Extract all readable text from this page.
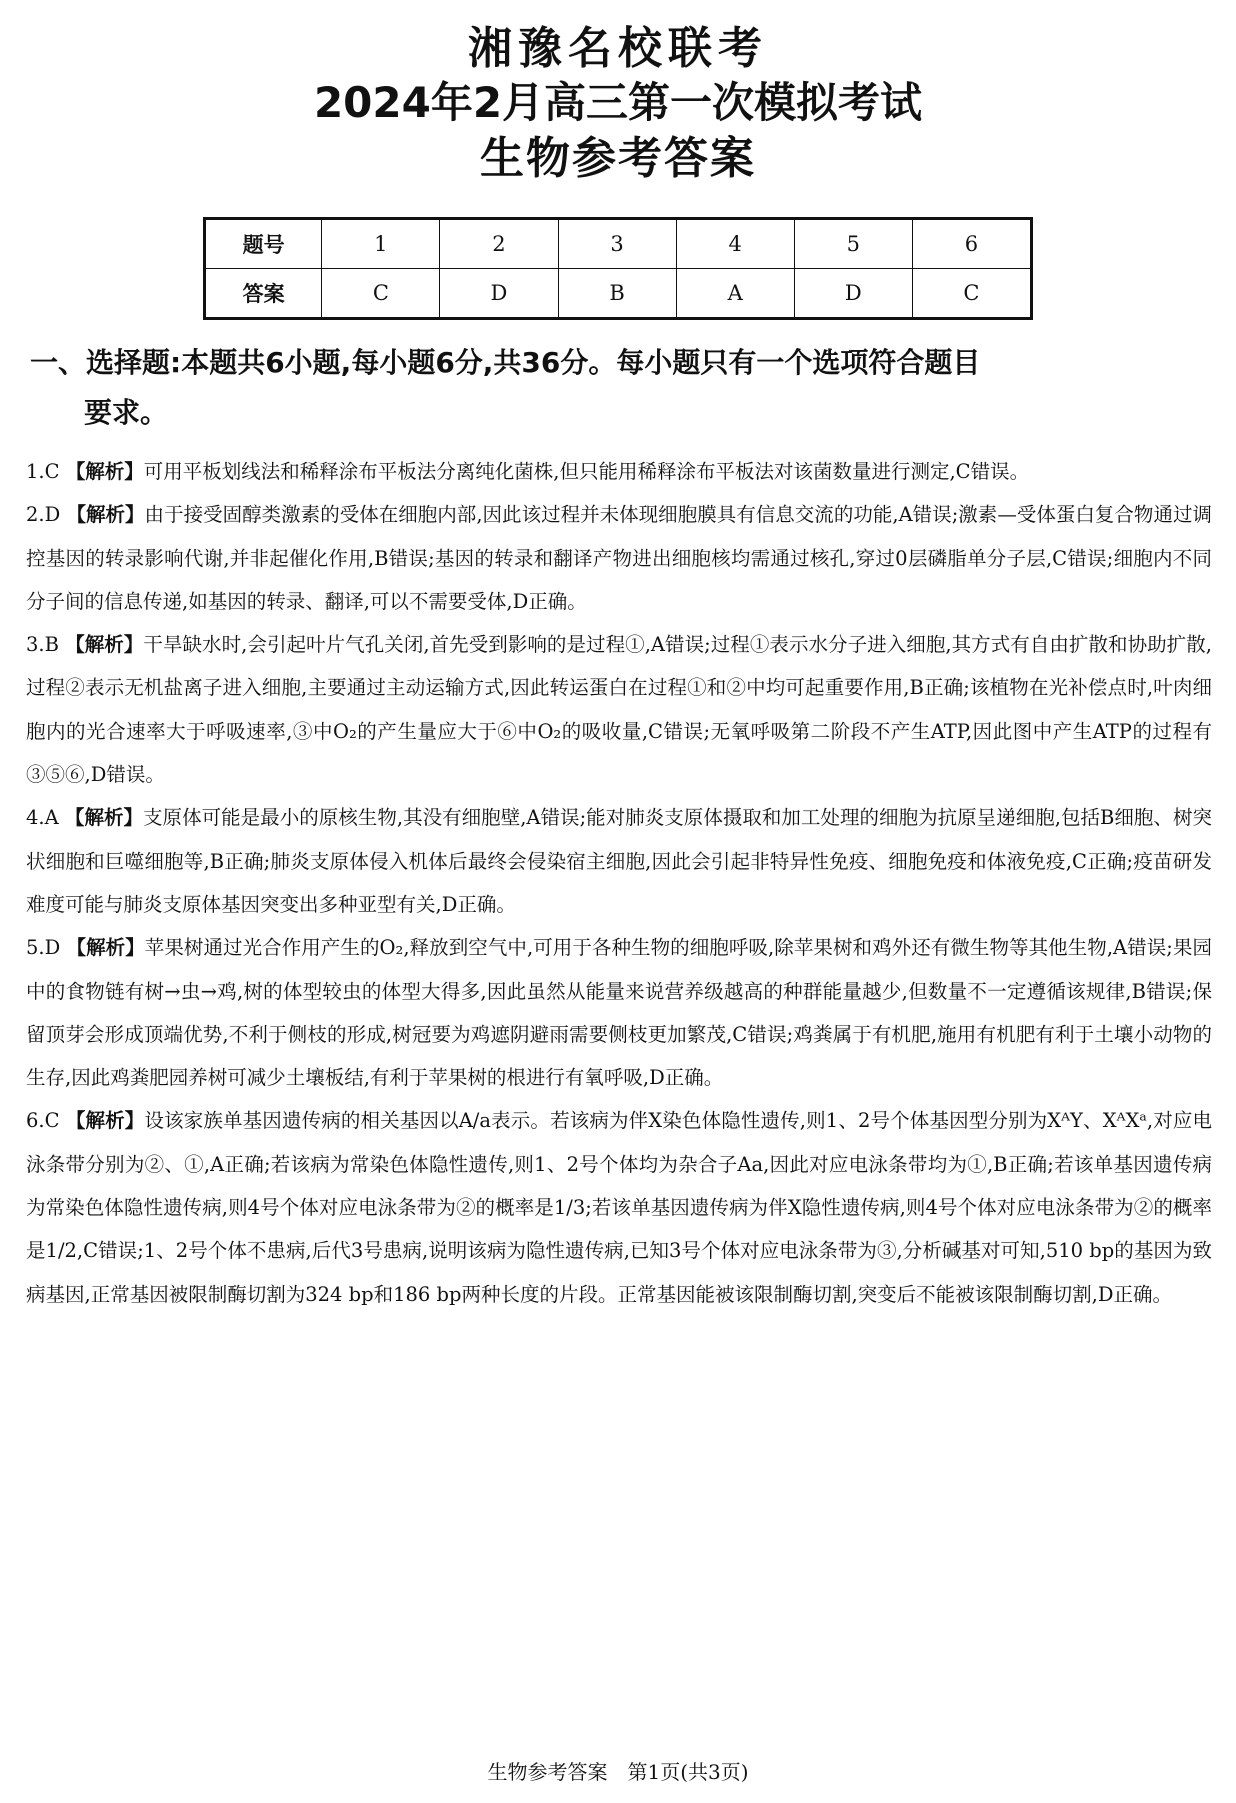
湘豫名校联考
2024年2月高三第一次模拟考试
生物参考答案
题号	1	2	3	4	5	6
答案	C	D	B	A	D	C
一、选择题:本题共6小题,每小题6分,共36分。每小题只有一个选项符合题目
要求。
1.C 【解析】可用平板划线法和稀释涂布平板法分离纯化菌株,但只能用稀释涂布平板法对该菌数量进行测定,C错误。
2.D 【解析】由于接受固醇类激素的受体在细胞内部,因此该过程并未体现细胞膜具有信息交流的功能,A错误;激素—受体蛋白复合物通过调控基因的转录影响代谢,并非起催化作用,B错误;基因的转录和翻译产物进出细胞核均需通过核孔,穿过0层磷脂单分子层,C错误;细胞内不同分子间的信息传递,如基因的转录、翻译,可以不需要受体,D正确。
3.B 【解析】干旱缺水时,会引起叶片气孔关闭,首先受到影响的是过程①,A错误;过程①表示水分子进入细胞,其方式有自由扩散和协助扩散,过程②表示无机盐离子进入细胞,主要通过主动运输方式,因此转运蛋白在过程①和②中均可起重要作用,B正确;该植物在光补偿点时,叶肉细胞内的光合速率大于呼吸速率,③中O₂的产生量应大于⑥中O₂的吸收量,C错误;无氧呼吸第二阶段不产生ATP,因此图中产生ATP的过程有③⑤⑥,D错误。
4.A 【解析】支原体可能是最小的原核生物,其没有细胞壁,A错误;能对肺炎支原体摄取和加工处理的细胞为抗原呈递细胞,包括B细胞、树突状细胞和巨噬细胞等,B正确;肺炎支原体侵入机体后最终会侵染宿主细胞,因此会引起非特异性免疫、细胞免疫和体液免疫,C正确;疫苗研发难度可能与肺炎支原体基因突变出多种亚型有关,D正确。
5.D 【解析】苹果树通过光合作用产生的O₂,释放到空气中,可用于各种生物的细胞呼吸,除苹果树和鸡外还有微生物等其他生物,A错误;果园中的食物链有树→虫→鸡,树的体型较虫的体型大得多,因此虽然从能量来说营养级越高的种群能量越少,但数量不一定遵循该规律,B错误;保留顶芽会形成顶端优势,不利于侧枝的形成,树冠要为鸡遮阴避雨需要侧枝更加繁茂,C错误;鸡粪属于有机肥,施用有机肥有利于土壤小动物的生存,因此鸡粪肥园养树可减少土壤板结,有利于苹果树的根进行有氧呼吸,D正确。
6.C 【解析】设该家族单基因遗传病的相关基因以A/a表示。若该病为伴X染色体隐性遗传,则1、2号个体基因型分别为XᴬY、XᴬXᵃ,对应电泳条带分别为②、①,A正确;若该病为常染色体隐性遗传,则1、2号个体均为杂合子Aa,因此对应电泳条带均为①,B正确;若该单基因遗传病为常染色体隐性遗传病,则4号个体对应电泳条带为②的概率是1/3;若该单基因遗传病为伴X隐性遗传病,则4号个体对应电泳条带为②的概率是1/2,C错误;1、2号个体不患病,后代3号患病,说明该病为隐性遗传病,已知3号个体对应电泳条带为③,分析碱基对可知,510 bp的基因为致病基因,正常基因被限制酶切割为324 bp和186 bp两种长度的片段。正常基因能被该限制酶切割,突变后不能被该限制酶切割,D正确。
生物参考答案　第1页(共3页)
